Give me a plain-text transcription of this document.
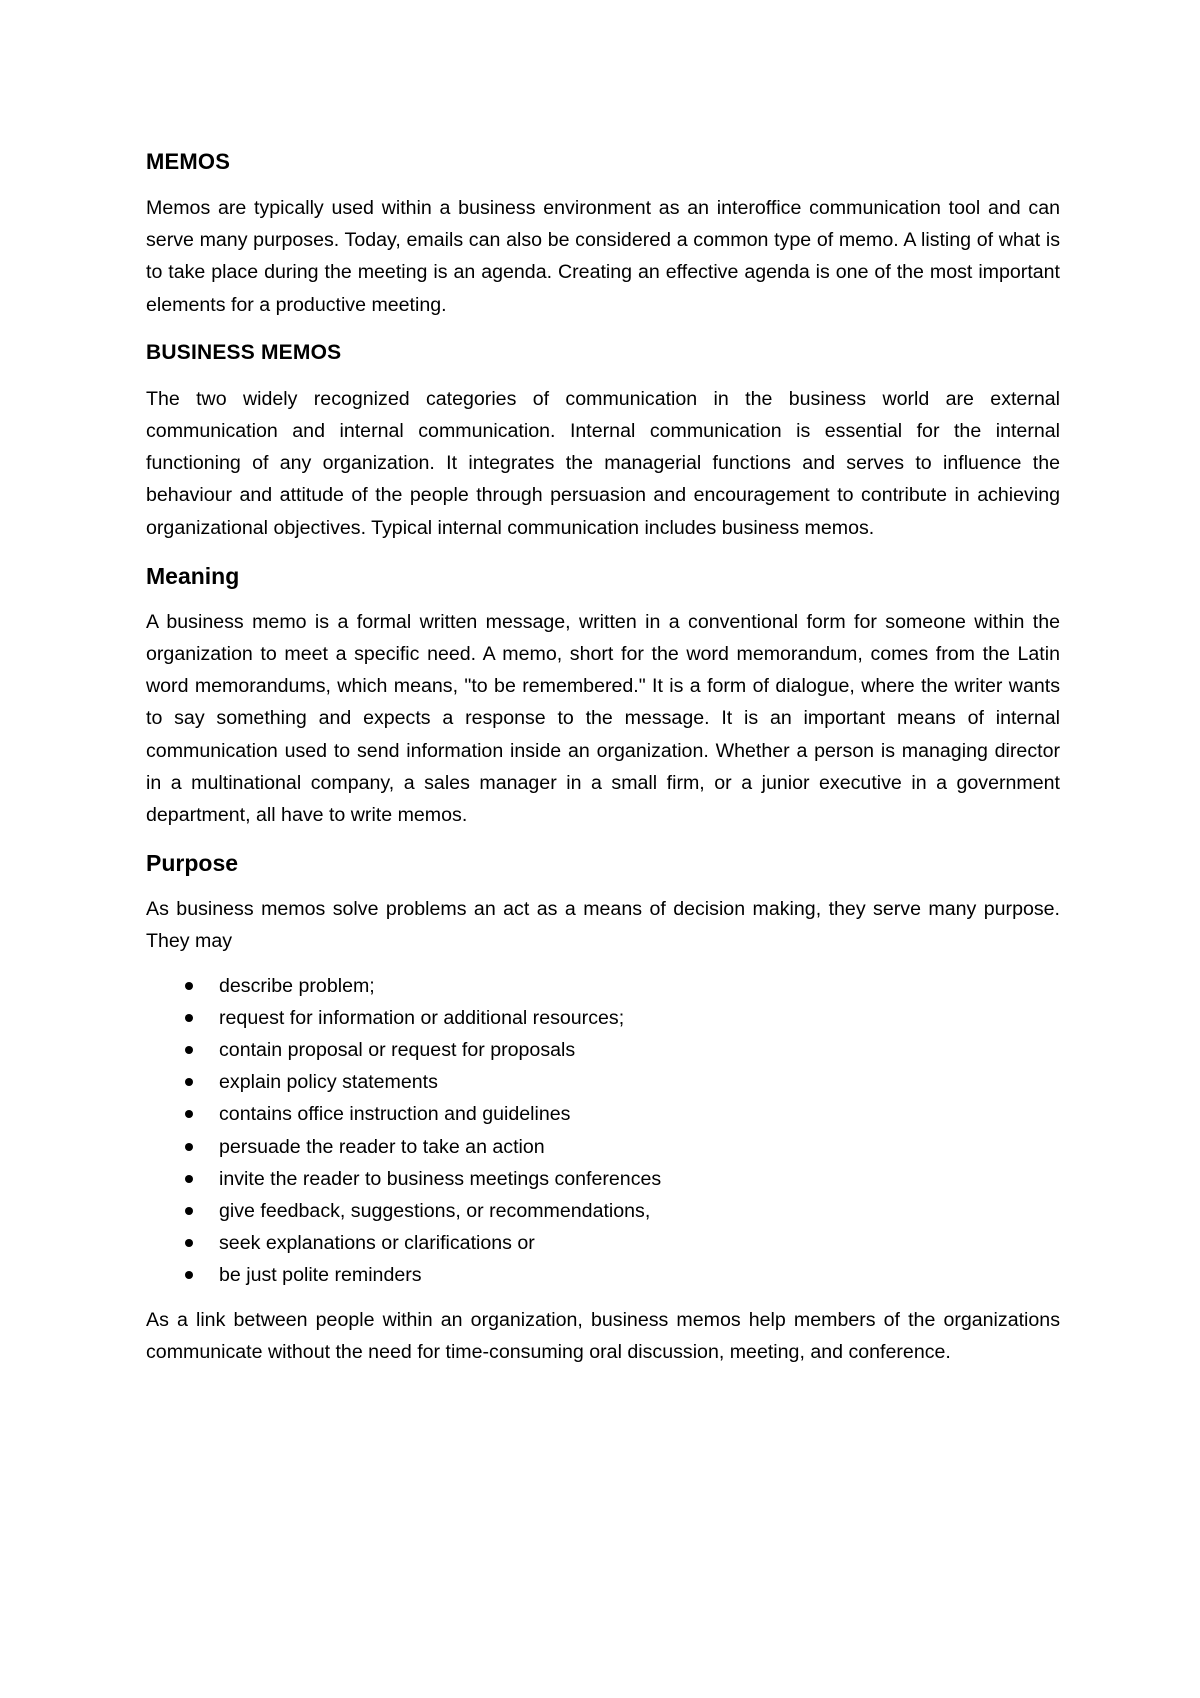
MEMOS

Memos are typically used within a business environment as an interoffice communication tool and can serve many purposes. Today, emails can also be considered a common type of memo. A listing of what is to take place during the meeting is an agenda. Creating an effective agenda is one of the most important elements for a productive meeting.

BUSINESS MEMOS

The two widely recognized categories of communication in the business world are external communication and internal communication. Internal communication is essential for the internal functioning of any organization. It integrates the managerial functions and serves to influence the behaviour and attitude of the people through persuasion and encouragement to contribute in achieving organizational objectives. Typical internal communication includes business memos.

Meaning

A business memo is a formal written message, written in a conventional form for someone within the organization to meet a specific need. A memo, short for the word memorandum, comes from the Latin word memorandums, which means, "to be remembered." It is a form of dialogue, where the writer wants to say something and expects a response to the message. It is an important means of internal communication used to send information inside an organization. Whether a person is managing director in a multinational company, a sales manager in a small firm, or a junior executive in a government department, all have to write memos.

Purpose

As business memos solve problems an act as a means of decision making, they serve many purpose. They may

describe problem;
request for information or additional resources;
contain proposal or request for proposals
explain policy statements
contains office instruction and guidelines
persuade the reader to take an action
invite the reader to business meetings conferences
give feedback, suggestions, or recommendations,
seek explanations or clarifications or
be just polite reminders

As a link between people within an organization, business memos help members of the organizations communicate without the need for time-consuming oral discussion, meeting, and conference.
